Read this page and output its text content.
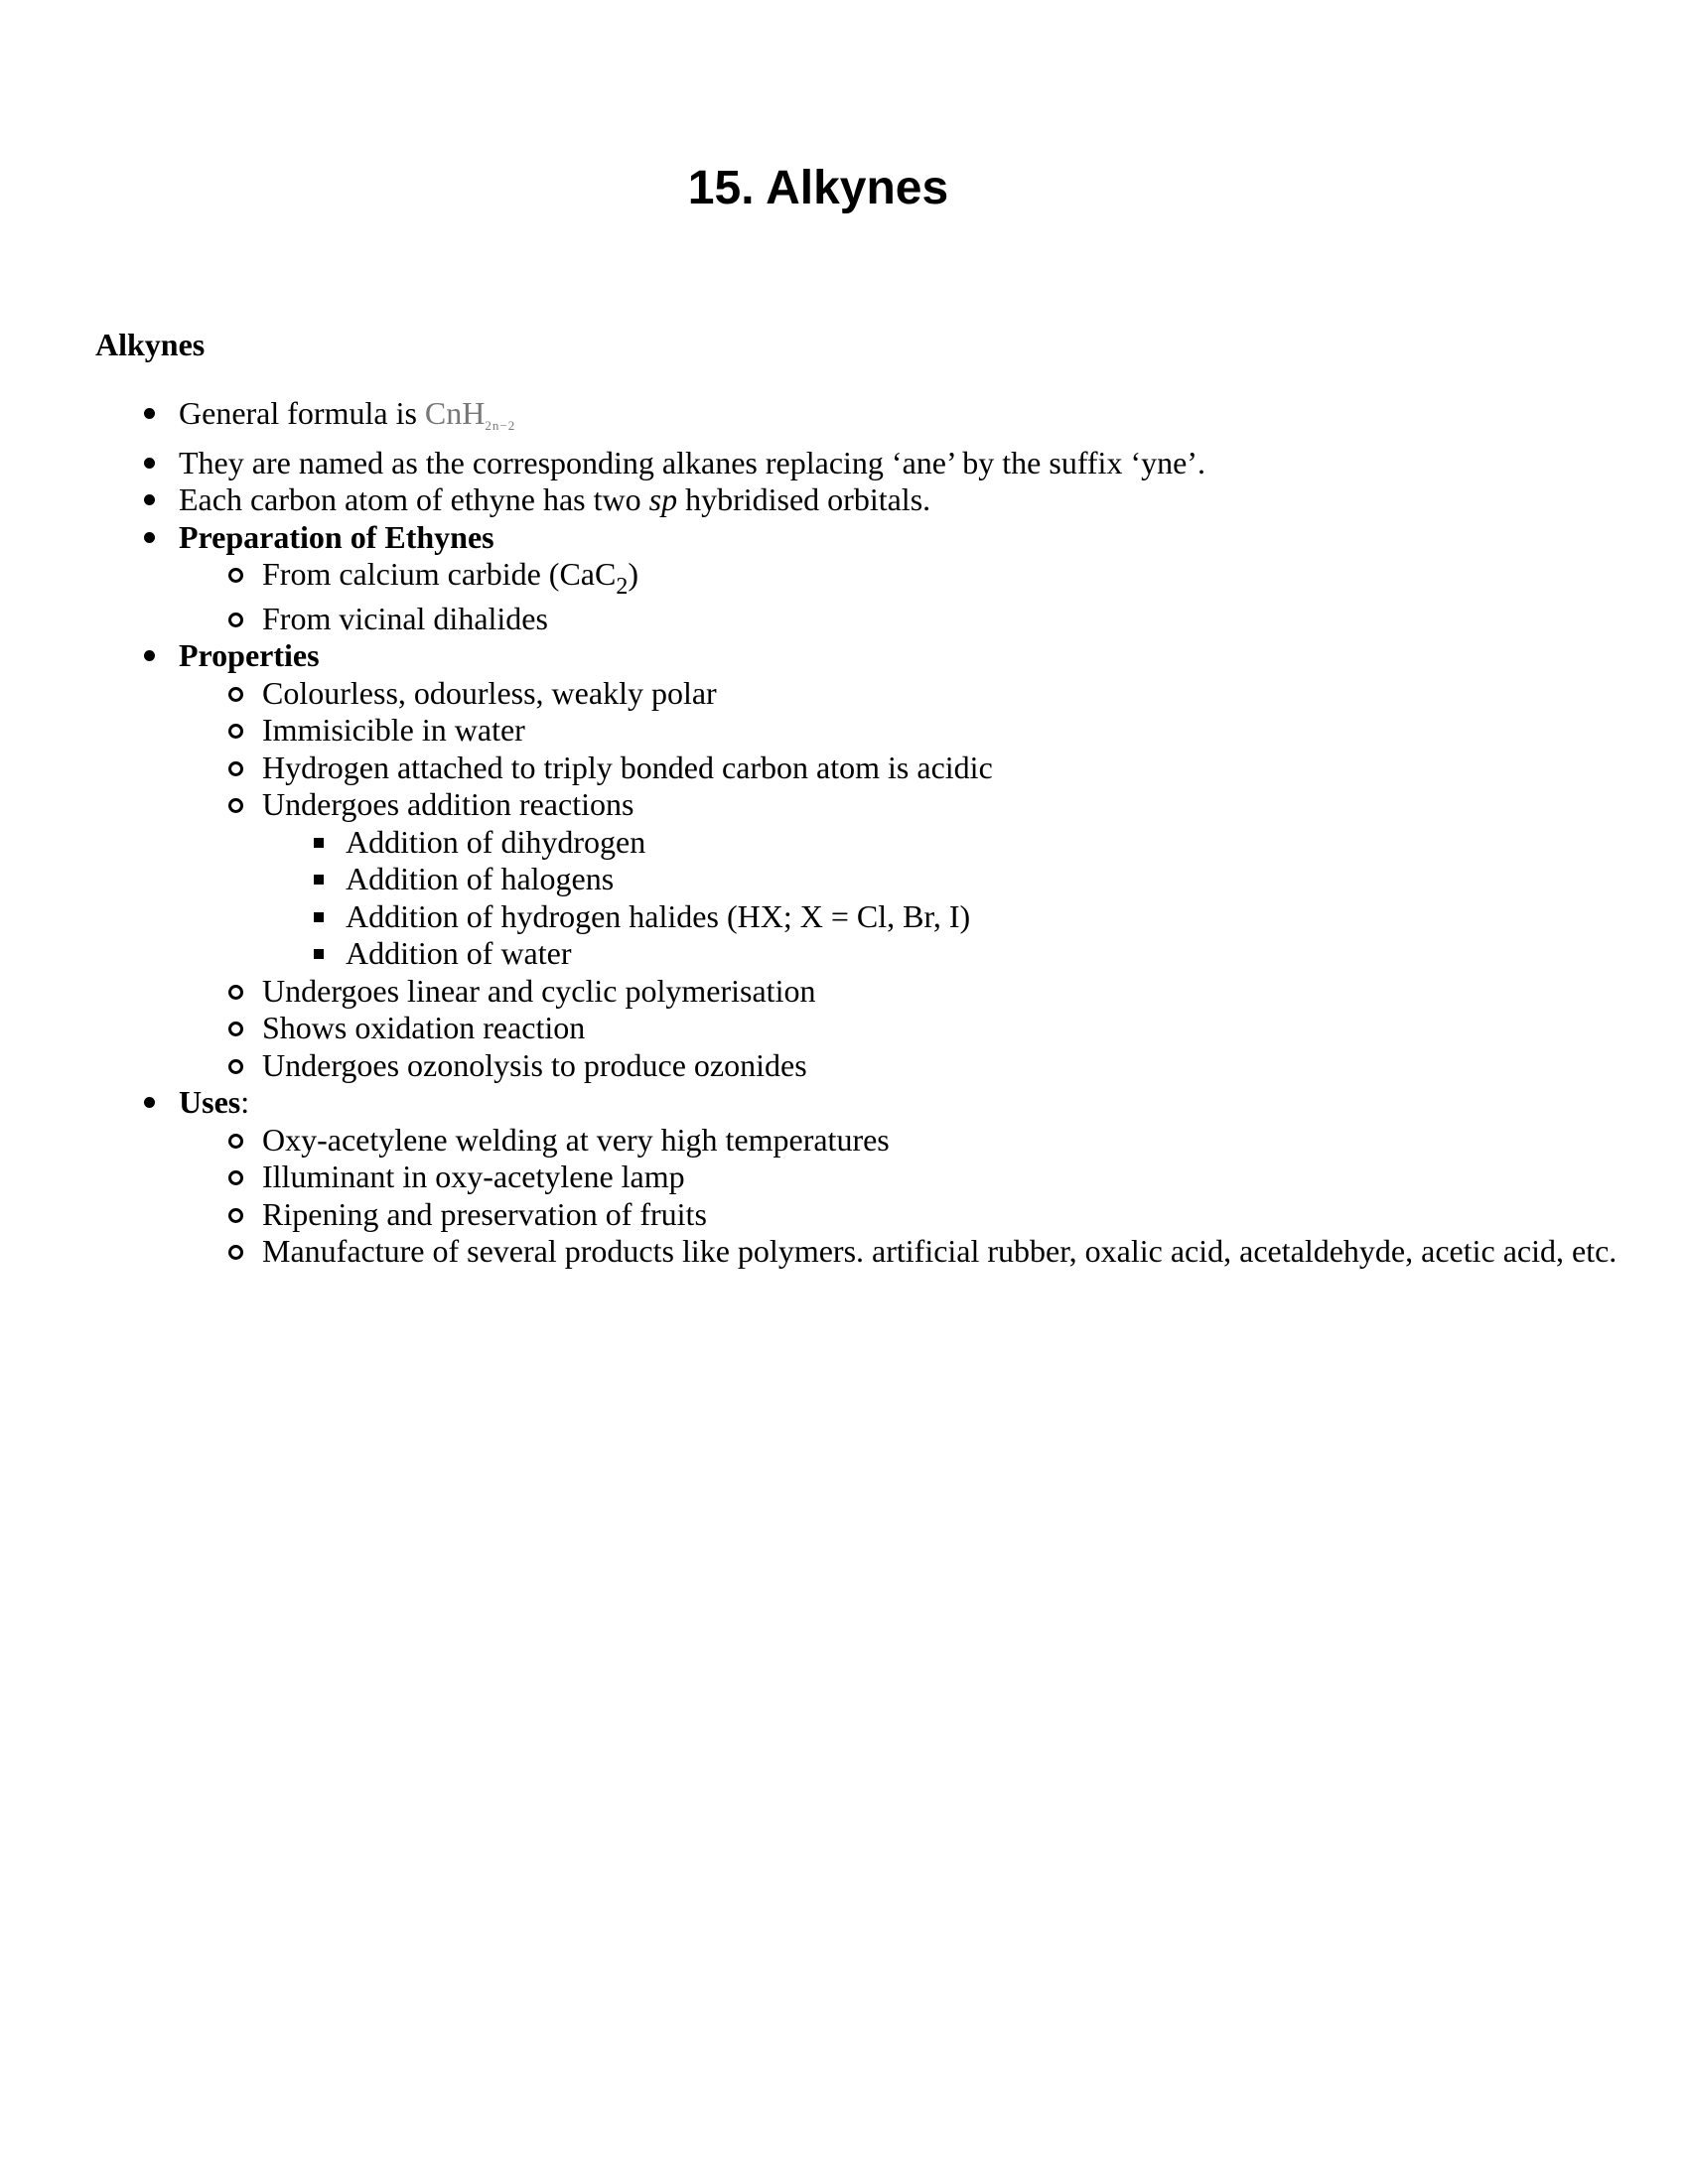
15. Alkynes
Alkynes
General formula is CnH2n−2
They are named as the corresponding alkanes replacing ‘ane’ by the suffix ‘yne’.
Each carbon atom of ethyne has two sp hybridised orbitals.
Preparation of Ethynes
From calcium carbide (CaC$_2$)
From vicinal dihalides
Properties
Colourless, odourless, weakly polar
Immisicible in water
Hydrogen attached to triply bonded carbon atom is acidic
Undergoes addition reactions
Addition of dihydrogen
Addition of halogens
Addition of hydrogen halides (HX; X = Cl, Br, I)
Addition of water
Undergoes linear and cyclic polymerisation
Shows oxidation reaction
Undergoes ozonolysis to produce ozonides
Uses:
Oxy-acetylene welding at very high temperatures
Illuminant in oxy-acetylene lamp
Ripening and preservation of fruits
Manufacture of several products like polymers. artificial rubber, oxalic acid, acetaldehyde, acetic acid, etc.
